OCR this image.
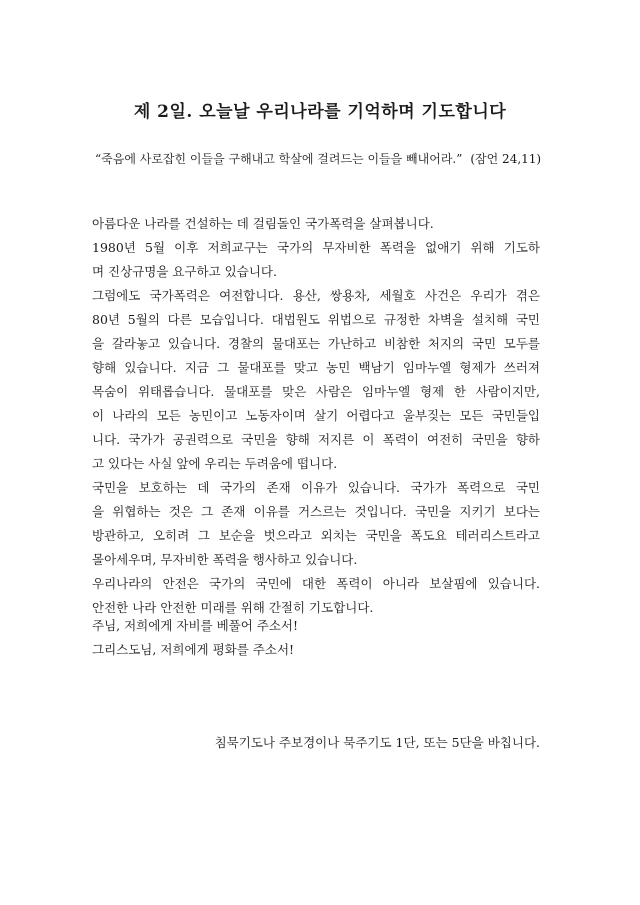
제 2일. 오늘날 우리나라를 기억하며 기도합니다

“죽음에 사로잡힌 이들을 구해내고 학살에 걸려드는 이들을 빼내어라.” (잠언 24,11)

아름다운 나라를 건설하는 데 걸림돌인 국가폭력을 살펴봅니다.
1980년 5월 이후 저희교구는 국가의 무자비한 폭력을 없애기 위해 기도하
며 진상규명을 요구하고 있습니다.
그럼에도 국가폭력은 여전합니다. 용산, 쌍용차, 세월호 사건은 우리가 겪은
80년 5월의 다른 모습입니다. 대법원도 위법으로 규정한 차벽을 설치해 국민
을 갈라놓고 있습니다. 경찰의 물대포는 가난하고 비참한 처지의 국민 모두를
향해 있습니다. 지금 그 물대포를 맞고 농민 백남기 임마누엘 형제가 쓰러져
목숨이 위태롭습니다. 물대포를 맞은 사람은 임마누엘 형제 한 사람이지만,
이 나라의 모든 농민이고 노동자이며 살기 어렵다고 울부짖는 모든 국민들입
니다. 국가가 공권력으로 국민을 향해 저지른 이 폭력이 여전히 국민을 향하
고 있다는 사실 앞에 우리는 두려움에 떱니다.
국민을 보호하는 데 국가의 존재 이유가 있습니다. 국가가 폭력으로 국민
을 위협하는 것은 그 존재 이유를 거스르는 것입니다. 국민을 지키기 보다는
방관하고, 오히려 그 보순을 벗으라고 외치는 국민을 폭도요 테러리스트라고
몰아세우며, 무자비한 폭력을 행사하고 있습니다.
우리나라의 안전은 국가의 국민에 대한 폭력이 아니라 보살핌에 있습니다.
안전한 나라 안전한 미래를 위해 간절히 기도합니다.
주님, 저희에게 자비를 베풀어 주소서!
그리스도님, 저희에게 평화를 주소서!

침묵기도나 주보경이나 묵주기도 1단, 또는 5단을 바칩니다.
